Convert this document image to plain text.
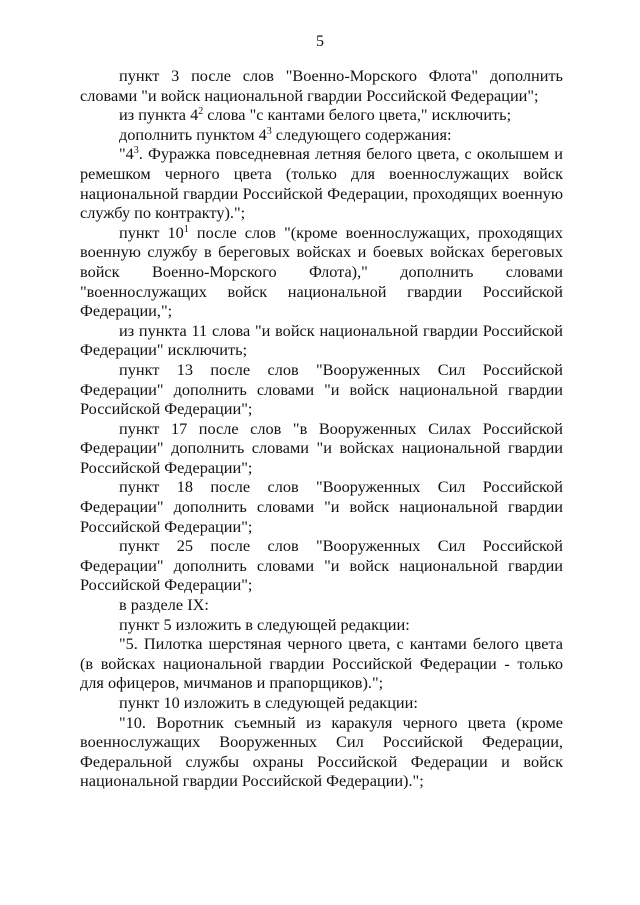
5

пункт 3 после слов "Военно-Морского Флота" дополнить словами "и войск национальной гвардии Российской Федерации";

из пункта $4^2$ слова "с кантами белого цвета," исключить;

дополнить пунктом $4^3$ следующего содержания:

"$4^3$. Фуражка повседневная летняя белого цвета, с околышем и ремешком черного цвета (только для военнослужащих войск национальной гвардии Российской Федерации, проходящих военную службу по контракту).";

пункт $10^1$ после слов "(кроме военнослужащих, проходящих военную службу в береговых войсках и боевых войсках береговых войск Военно-Морского Флота)," дополнить словами "военнослужащих войск национальной гвардии Российской Федерации,";

из пункта 11 слова "и войск национальной гвардии Российской Федерации" исключить;

пункт 13 после слов "Вооруженных Сил Российской Федерации" дополнить словами "и войск национальной гвардии Российской Федерации";

пункт 17 после слов "в Вооруженных Силах Российской Федерации" дополнить словами "и войсках национальной гвардии Российской Федерации";

пункт 18 после слов "Вооруженных Сил Российской Федерации" дополнить словами "и войск национальной гвардии Российской Федерации";

пункт 25 после слов "Вооруженных Сил Российской Федерации" дополнить словами "и войск национальной гвардии Российской Федерации";

в разделе IX:

пункт 5 изложить в следующей редакции:

"5. Пилотка шерстяная черного цвета, с кантами белого цвета (в войсках национальной гвардии Российской Федерации - только для офицеров, мичманов и прапорщиков).";

пункт 10 изложить в следующей редакции:

"10. Воротник съемный из каракуля черного цвета (кроме военнослужащих Вооруженных Сил Российской Федерации, Федеральной службы охраны Российской Федерации и войск национальной гвардии Российской Федерации).";
